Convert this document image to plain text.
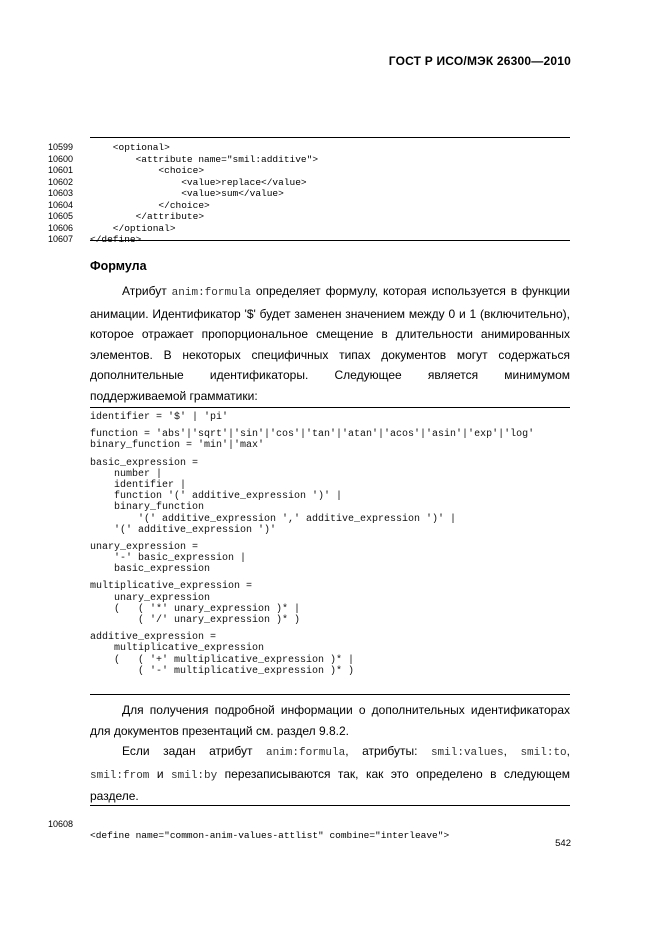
ГОСТ Р ИСО/МЭК 26300—2010
10599	<optional>
10600	<attribute name="smil:additive">
10601	<choice>
10602	<value>replace</value>
10603	<value>sum</value>
10604	</choice>
10605	</attribute>
10606	</optional>
10607	</define>
Формула
Атрибут anim:formula определяет формулу, которая используется в функции анимации. Идентификатор '$' будет заменен значением между 0 и 1 (включительно), которое отражает пропорциональное смещение в длительности анимированных элементов. В некоторых специфичных типах документов могут содержаться дополнительные идентификаторы. Следующее является минимумом поддерживаемой грамматики:
identifier = '$' | 'pi'
function = 'abs'|'sqrt'|'sin'|'cos'|'tan'|'atan'|'acos'|'asin'|'exp'|'log'
binary_function = 'min'|'max'
basic_expression =
number |
identifier |
function '(' additive_expression ')' |
binary_function
'(' additive_expression ',' additive_expression ')' |
'(' additive_expression ')'
unary_expression =
'-' basic_expression |
basic_expression
multiplicative_expression =
unary_expression
(   ( '*' unary_expression )* |
( '/' unary_expression )* )
additive_expression =
multiplicative_expression
(   ( '+' multiplicative_expression )* |
( '-' multiplicative_expression )* )
Для получения подробной информации о дополнительных идентификаторах для документов презентаций см. раздел 9.8.2.
Если задан атрибут anim:formula, атрибуты: smil:values, smil:to, smil:from и smil:by перезаписываются так, как это определено в следующем разделе.

10608

<define name="common-anim-values-attlist" combine="interleave">

542
